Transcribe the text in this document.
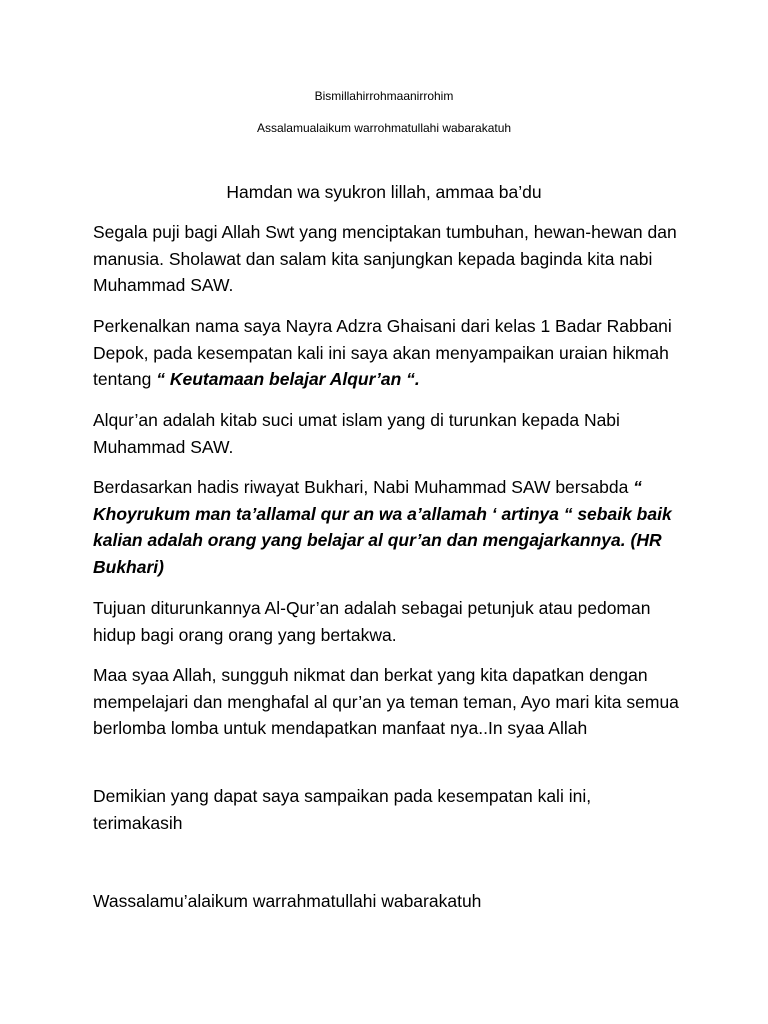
Bismillahirrohmaanirrohim

Assalamualaikum warrohmatullahi wabarakatuh

Hamdan wa syukron lillah, ammaa ba’du

Segala puji bagi Allah Swt yang menciptakan tumbuhan, hewan-hewan dan manusia. Sholawat dan salam kita sanjungkan kepada baginda kita nabi Muhammad SAW.

Perkenalkan nama saya Nayra Adzra Ghaisani dari kelas 1 Badar Rabbani Depok, pada kesempatan kali ini saya akan menyampaikan uraian hikmah tentang “ Keutamaan belajar Alqur’an “.

Alqur’an adalah kitab suci umat islam yang di turunkan kepada Nabi Muhammad SAW.

Berdasarkan hadis riwayat Bukhari, Nabi Muhammad SAW bersabda “ Khoyrukum man ta’allamal qur an wa a’allamah ‘ artinya “ sebaik baik kalian adalah orang yang belajar al qur’an dan mengajarkannya. (HR Bukhari)

Tujuan diturunkannya Al-Qur’an adalah sebagai petunjuk atau pedoman hidup bagi orang orang yang bertakwa.

Maa syaa Allah, sungguh nikmat dan berkat yang kita dapatkan dengan mempelajari dan menghafal al qur’an ya teman teman, Ayo mari kita semua berlomba lomba untuk mendapatkan manfaat nya..In syaa Allah

Demikian yang dapat saya sampaikan pada kesempatan kali ini, terimakasih

Wassalamu’alaikum warrahmatullahi wabarakatuh
